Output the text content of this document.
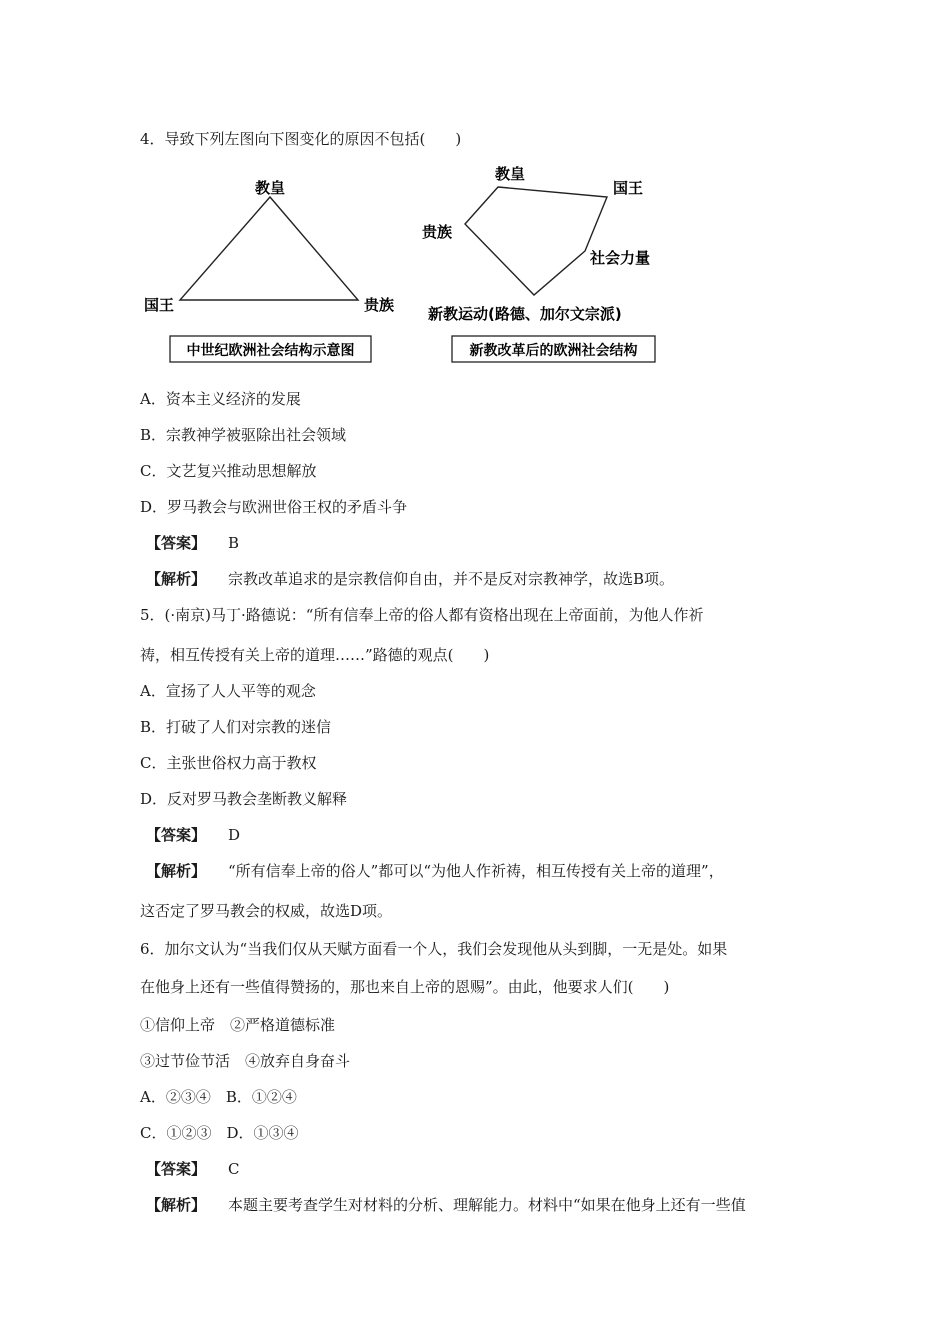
4．导致下列左图向下图变化的原因不包括(　　)
教皇
国王	贵族
中世纪欧洲社会结构示意图
教皇
国王
贵族
社会力量
新教运动(路德、加尔文宗派)
新教改革后的欧洲社会结构
A．资本主义经济的发展
B．宗教神学被驱除出社会领域
C．文艺复兴推动思想解放
D．罗马教会与欧洲世俗王权的矛盾斗争
【答案】 B
【解析】 宗教改革追求的是宗教信仰自由，并不是反对宗教神学，故选B项。
5．(·南京)马丁·路德说：“所有信奉上帝的俗人都有资格出现在上帝面前，为他人作祈
祷，相互传授有关上帝的道理……”路德的观点(　　)
A．宣扬了人人平等的观念
B．打破了人们对宗教的迷信
C．主张世俗权力高于教权
D．反对罗马教会垄断教义解释
【答案】 D
【解析】 “所有信奉上帝的俗人”都可以“为他人作祈祷，相互传授有关上帝的道理”，
这否定了罗马教会的权威，故选D项。
6．加尔文认为“当我们仅从天赋方面看一个人，我们会发现他从头到脚，一无是处。如果
在他身上还有一些值得赞扬的，那也来自上帝的恩赐”。由此，他要求人们(　　)
①信仰上帝　②严格道德标准
③过节俭节活　④放弃自身奋斗
A．②③④　B．①②④
C．①②③　D．①③④
【答案】 C
【解析】 本题主要考查学生对材料的分析、理解能力。材料中“如果在他身上还有一些值
